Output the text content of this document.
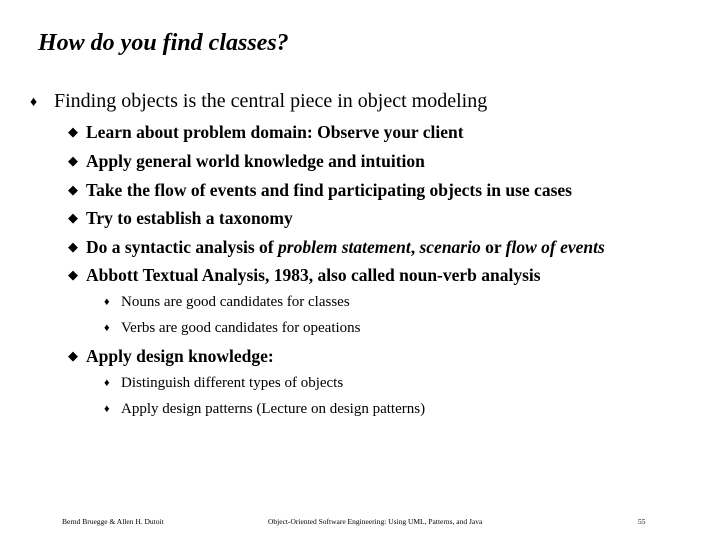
How do you find classes?
♦ Finding objects is the central piece in object modeling
◆ Learn about problem domain: Observe your client
◆ Apply general world knowledge and intuition
◆ Take the flow of events and find participating objects in use cases
◆ Try to establish a taxonomy
◆ Do a syntactic analysis of problem statement, scenario or flow of events
◆ Abbott Textual Analysis, 1983, also called noun-verb analysis
♦ Nouns are good candidates for classes
♦ Verbs are good candidates for opeations
◆ Apply design knowledge:
♦ Distinguish different types of objects
♦ Apply design patterns (Lecture on design patterns)
Bernd Bruegge & Allen H. Dutoit	Object-Oriented Software Engineering: Using UML, Patterns, and Java	55
